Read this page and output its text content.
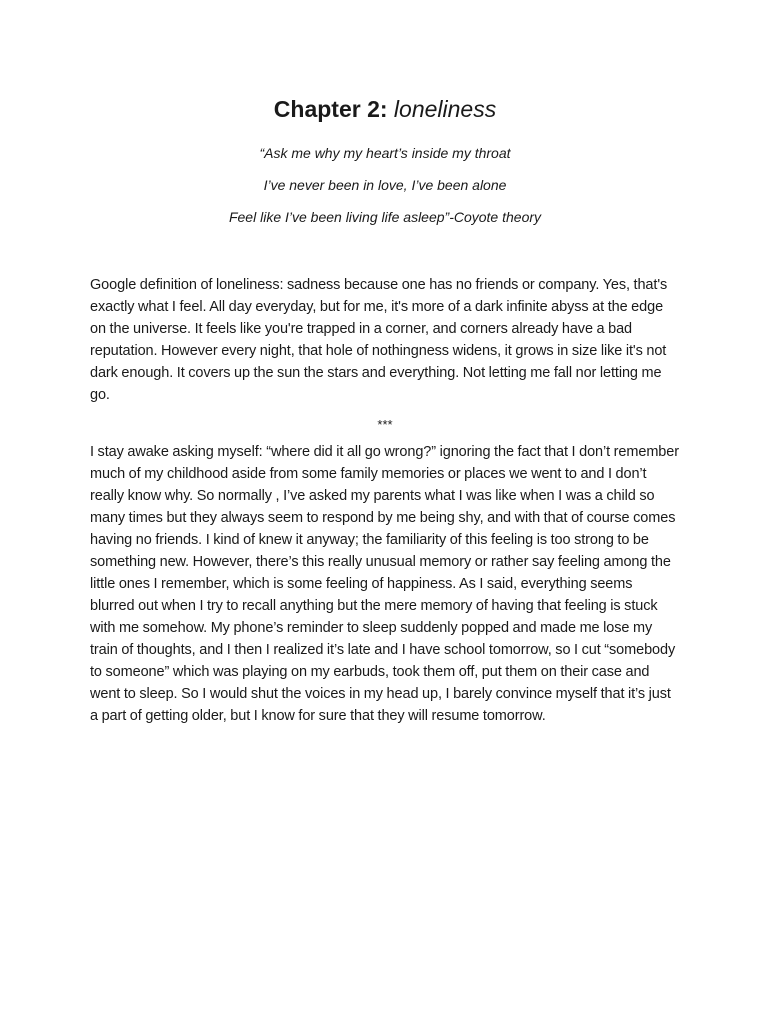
Chapter 2: loneliness

“Ask me why my heart’s inside my throat

I’ve never been in love, I’ve been alone

Feel like I’ve been living life asleep”-Coyote theory

Google definition of loneliness: sadness because one has no friends or company. Yes, that's exactly what I feel. All day everyday, but for me, it's more of a dark infinite abyss at the edge on the universe. It feels like you're trapped in a corner, and corners already have a bad reputation. However every night, that hole of nothingness widens, it grows in size like it's not dark enough. It covers up the sun the stars and everything. Not letting me fall nor letting me go.

***

I stay awake asking myself: “where did it all go wrong?” ignoring the fact that I don’t remember much of my childhood aside from some family memories or places we went to and I don’t really know why. So normally , I’ve asked my parents what I was like when I was a child so many times but they always seem to respond by me being shy, and with that of course comes having no friends. I kind of knew it anyway; the familiarity of this feeling is too strong to be something new. However, there’s this really unusual memory or rather say feeling among the little ones I remember, which is some feeling of happiness. As I said, everything seems blurred out when I try to recall anything but the mere memory of having that feeling is stuck with me somehow. My phone’s reminder to sleep suddenly popped and made me lose my train of thoughts, and I then I realized it’s late and I have school tomorrow, so I cut “somebody to someone” which was playing on my earbuds, took them off, put them on their case and went to sleep. So I would shut the voices in my head up, I barely convince myself that it’s just a part of getting older, but I know for sure that they will resume tomorrow.
